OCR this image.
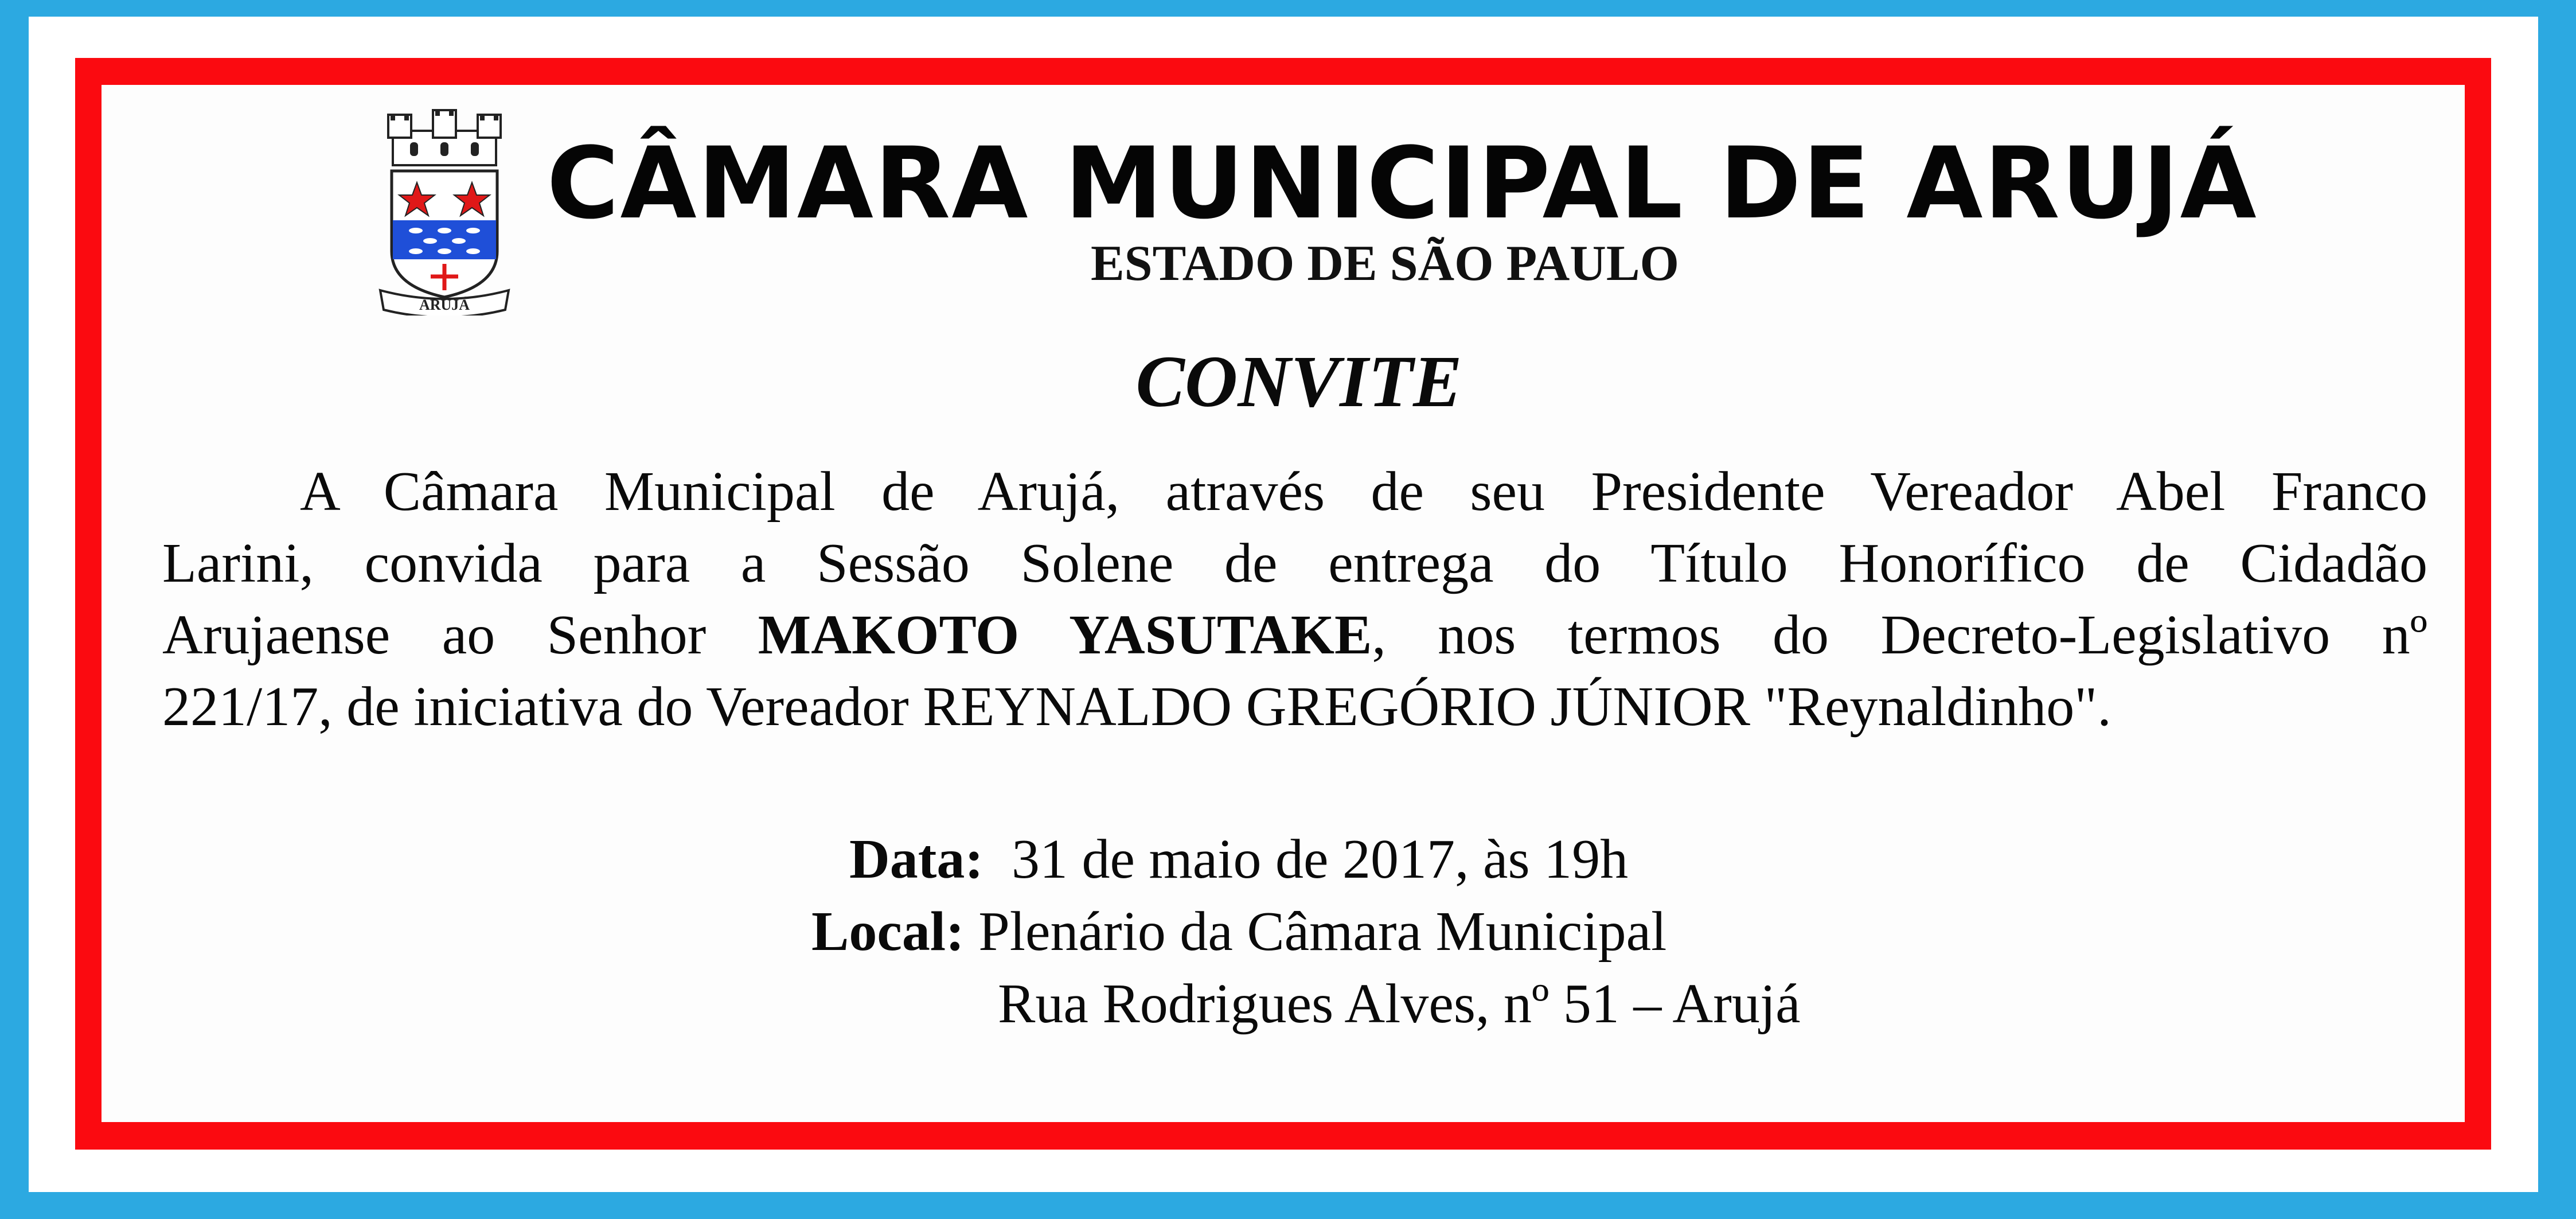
ARUJÁ
CÂMARA MUNICIPAL DE ARUJÁ
ESTADO DE SÃO PAULO
CONVITE
A Câmara Municipal de Arujá, através de seu Presidente Vereador Abel Franco
Larini, convida para a Sessão Solene de entrega do Título Honorífico de Cidadão
Arujaense ao Senhor MAKOTO YASUTAKE, nos termos do Decreto-Legislativo nº
221/17, de iniciativa do Vereador REYNALDO GREGÓRIO JÚNIOR "Reynaldinho".
Data: 31 de maio de 2017, às 19h
Local: Plenário da Câmara Municipal
Rua Rodrigues Alves, nº 51 – Arujá
